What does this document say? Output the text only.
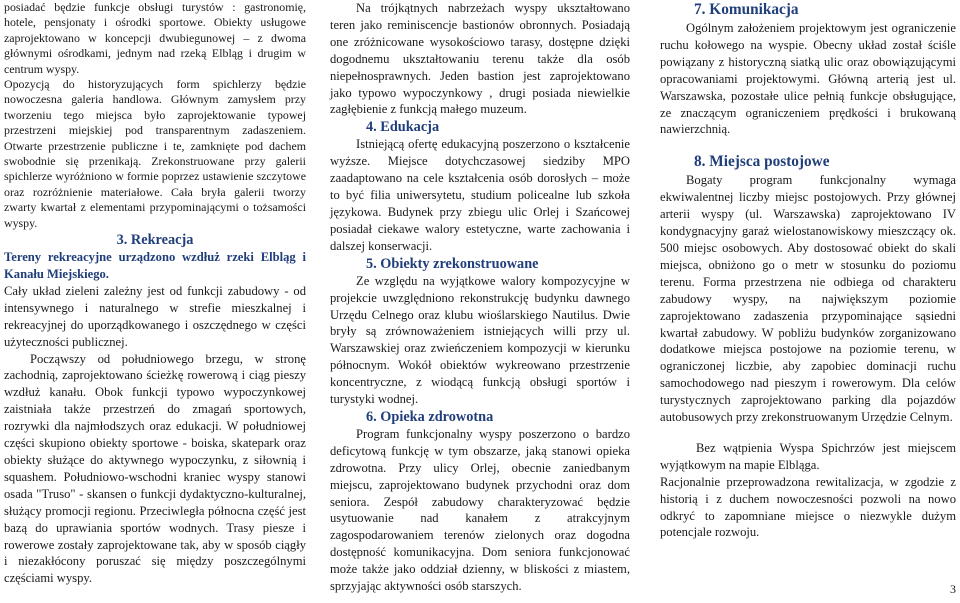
posiadać będzie funkcje obsługi turystów : gastronomię, hotele, pensjonaty i ośrodki sportowe. Obiekty usługowe zaprojektowano w koncepcji dwubiegunowej – z dwoma głównymi ośrodkami, jednym nad rzeką Elbląg i drugim w centrum wyspy.

Opozycją do historyzujących form spichlerzy będzie nowoczesna galeria handlowa. Głównym zamysłem przy tworzeniu tego miejsca było zaprojektowanie typowej przestrzeni miejskiej pod transparentnym zadaszeniem. Otwarte przestrzenie publiczne i te, zamknięte pod dachem swobodnie się przenikają. Zrekonstruowane przy galerii spichlerze wyróżniono w formie poprzez ustawienie szczytowe oraz rozróżnienie materiałowe. Cała bryła galerii tworzy zwarty kwartał z elementami przypominającymi o tożsamości wyspy.

3. Rekreacja

Tereny rekreacyjne urządzono wzdłuż rzeki Elbląg i Kanału Miejskiego.

Cały układ zieleni zależny jest od funkcji zabudowy - od intensywnego i naturalnego w strefie mieszkalnej i rekreacyjnej do uporządkowanego i oszczędnego w części użyteczności publicznej.

Począwszy od południowego brzegu, w stronę zachodnią, zaprojektowano ścieżkę rowerową i ciąg pieszy wzdłuż kanału. Obok funkcji typowo wypoczynkowej zaistniała także przestrzeń do zmagań sportowych, rozrywki dla najmłodszych oraz edukacji. W południowej części skupiono obiekty sportowe - boiska, skatepark oraz obiekty służące do aktywnego wypoczynku, z siłownią i squashem. Południowo-wschodni kraniec wyspy stanowi osada "Truso" - skansen o funkcji dydaktyczno-kulturalnej, służący promocji regionu. Przeciwległa północna część jest bazą do uprawiania sportów wodnych. Trasy piesze i rowerowe zostały zaprojektowane tak, aby w sposób ciągły i niezakłócony poruszać się między poszczególnymi częściami wyspy.

Na trójkątnych nabrzeżach wyspy ukształtowano teren jako reminiscencje bastionów obronnych. Posiadają one zróżnicowane wysokościowo tarasy, dostępne dzięki dogodnemu ukształtowaniu terenu także dla osób niepełnosprawnych. Jeden bastion jest zaprojektowano jako typowo wypoczynkowy , drugi posiada niewielkie zagłębienie z funkcją małego muzeum.

4. Edukacja

Istniejącą ofertę edukacyjną poszerzono o kształcenie wyższe. Miejsce dotychczasowej siedziby MPO zaadaptowano na cele kształcenia osób dorosłych – może to być filia uniwersytetu, studium policealne lub szkoła językowa. Budynek przy zbiegu ulic Orlej i Szańcowej posiadał ciekawe walory estetyczne, warte zachowania i dalszej konserwacji.

5. Obiekty zrekonstruowane

Ze względu na wyjątkowe walory kompozycyjne w projekcie uwzględniono rekonstrukcję budynku dawnego Urzędu Celnego oraz klubu wioślarskiego Nautilus. Dwie bryły są zrównoważeniem istniejących willi przy ul. Warszawskiej oraz zwieńczeniem kompozycji w kierunku północnym. Wokół obiektów wykreowano przestrzenie koncentryczne, z wiodącą funkcją obsługi sportów i turystyki wodnej.

6. Opieka zdrowotna

Program funkcjonalny wyspy poszerzono o bardzo deficytową funkcję w tym obszarze, jaką stanowi opieka zdrowotna. Przy ulicy Orlej, obecnie zaniedbanym miejscu, zaprojektowano budynek przychodni oraz dom seniora. Zespół zabudowy charakteryzować będzie usytuowanie nad kanałem z atrakcyjnym zagospodarowaniem terenów zielonych oraz dogodna dostępność komunikacyjna. Dom seniora funkcjonować może także jako oddział dzienny, w bliskości z miastem, sprzyjając aktywności osób starszych.

7. Komunikacja

Ogólnym założeniem projektowym jest ograniczenie ruchu kołowego na wyspie. Obecny układ został ściśle powiązany z historyczną siatką ulic oraz obowiązującymi opracowaniami projektowymi. Główną arterią jest ul. Warszawska, pozostałe ulice pełnią funkcje obsługujące, ze znaczącym ograniczeniem prędkości i brukowaną nawierzchnią.

8. Miejsca postojowe

Bogaty program funkcjonalny wymaga ekwiwalentnej liczby miejsc postojowych. Przy głównej arterii wyspy (ul. Warszawska) zaprojektowano IV kondygnacyjny garaż wielostanowiskowy mieszczący ok. 500 miejsc osobowych. Aby dostosować obiekt do skali miejsca, obniżono go o metr w stosunku do poziomu terenu. Forma przestrzena nie odbiega od charakteru zabudowy wyspy, na największym poziomie zaprojektowano zadaszenia przypominające sąsiedni kwartał zabudowy. W pobliżu budynków zorganizowano dodatkowe miejsca postojowe na poziomie terenu, w ograniczonej liczbie, aby zapobiec dominacji ruchu samochodowego nad pieszym i rowerowym. Dla celów turystycznych zaprojektowano parking dla pojazdów autobusowych przy zrekonstruowanym Urzędzie Celnym.

Bez wątpienia Wyspa Spichrzów jest miejscem wyjątkowym na mapie Elbląga.

Racjonalnie przeprowadzona rewitalizacja, w zgodzie z historią i z duchem nowoczesności pozwoli na nowo odkryć to zapomniane miejsce o niezwykle dużym potencjale rozwoju.

3
